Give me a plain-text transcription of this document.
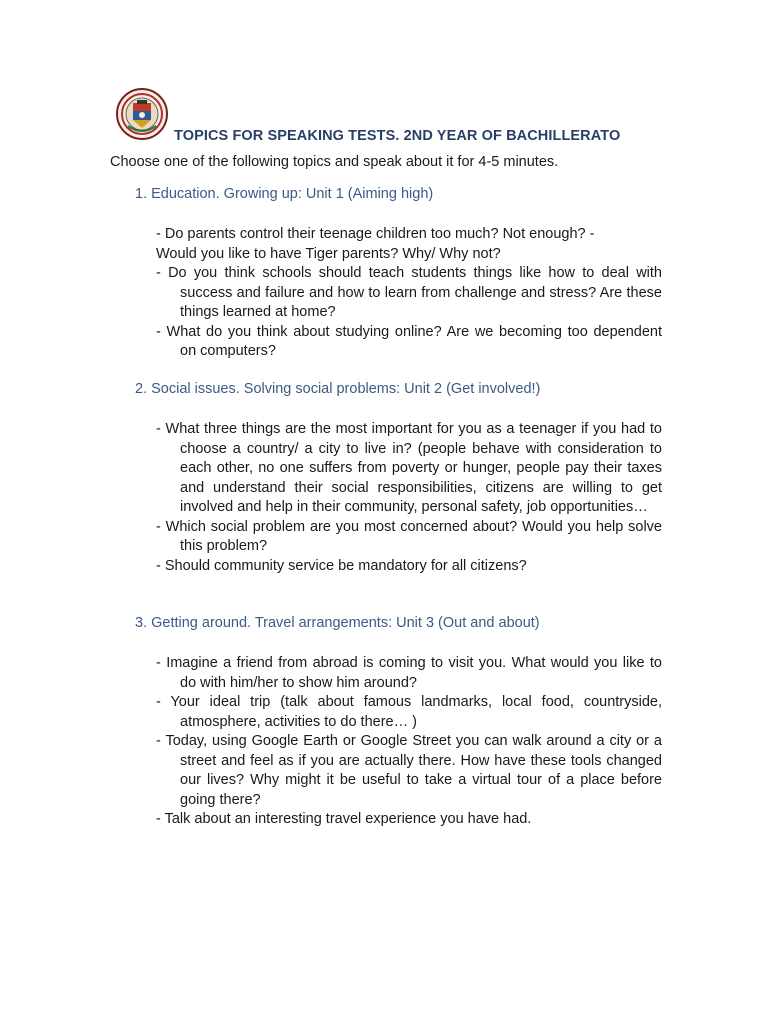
TOPICS FOR SPEAKING TESTS. 2ND YEAR OF BACHILLERATO
Choose one of the following topics and speak about it for 4-5 minutes.
1. Education. Growing up: Unit 1 (Aiming high)
- Do parents control their teenage children too much? Not enough? -
Would you like to have Tiger parents? Why/ Why not?
- Do you think schools should teach students things like how to deal with success and failure and how to learn from challenge and stress? Are these things learned at home?
- What do you think about studying online? Are we becoming too dependent on computers?
2. Social issues. Solving social problems: Unit 2 (Get involved!)
- What three things are the most important for you as a teenager if you had to choose a country/ a city to live in? (people behave with consideration to each other, no one suffers from poverty or hunger, people pay their taxes and understand their social responsibilities, citizens are willing to get involved and help in their community, personal safety, job opportunities…
- Which social problem are you most concerned about? Would you help solve this problem?
- Should community service be mandatory for all citizens?
3. Getting around. Travel arrangements: Unit 3 (Out and about)
- Imagine a friend from abroad is coming to visit you. What would you like to do with him/her to show him around?
- Your ideal trip (talk about famous landmarks, local food, countryside, atmosphere, activities to do there… )
- Today, using Google Earth or Google Street you can walk around a city or a street and feel as if you are actually there. How have these tools changed our lives? Why might it be useful to take a virtual tour of a place before going there?
- Talk about an interesting travel experience you have had.
